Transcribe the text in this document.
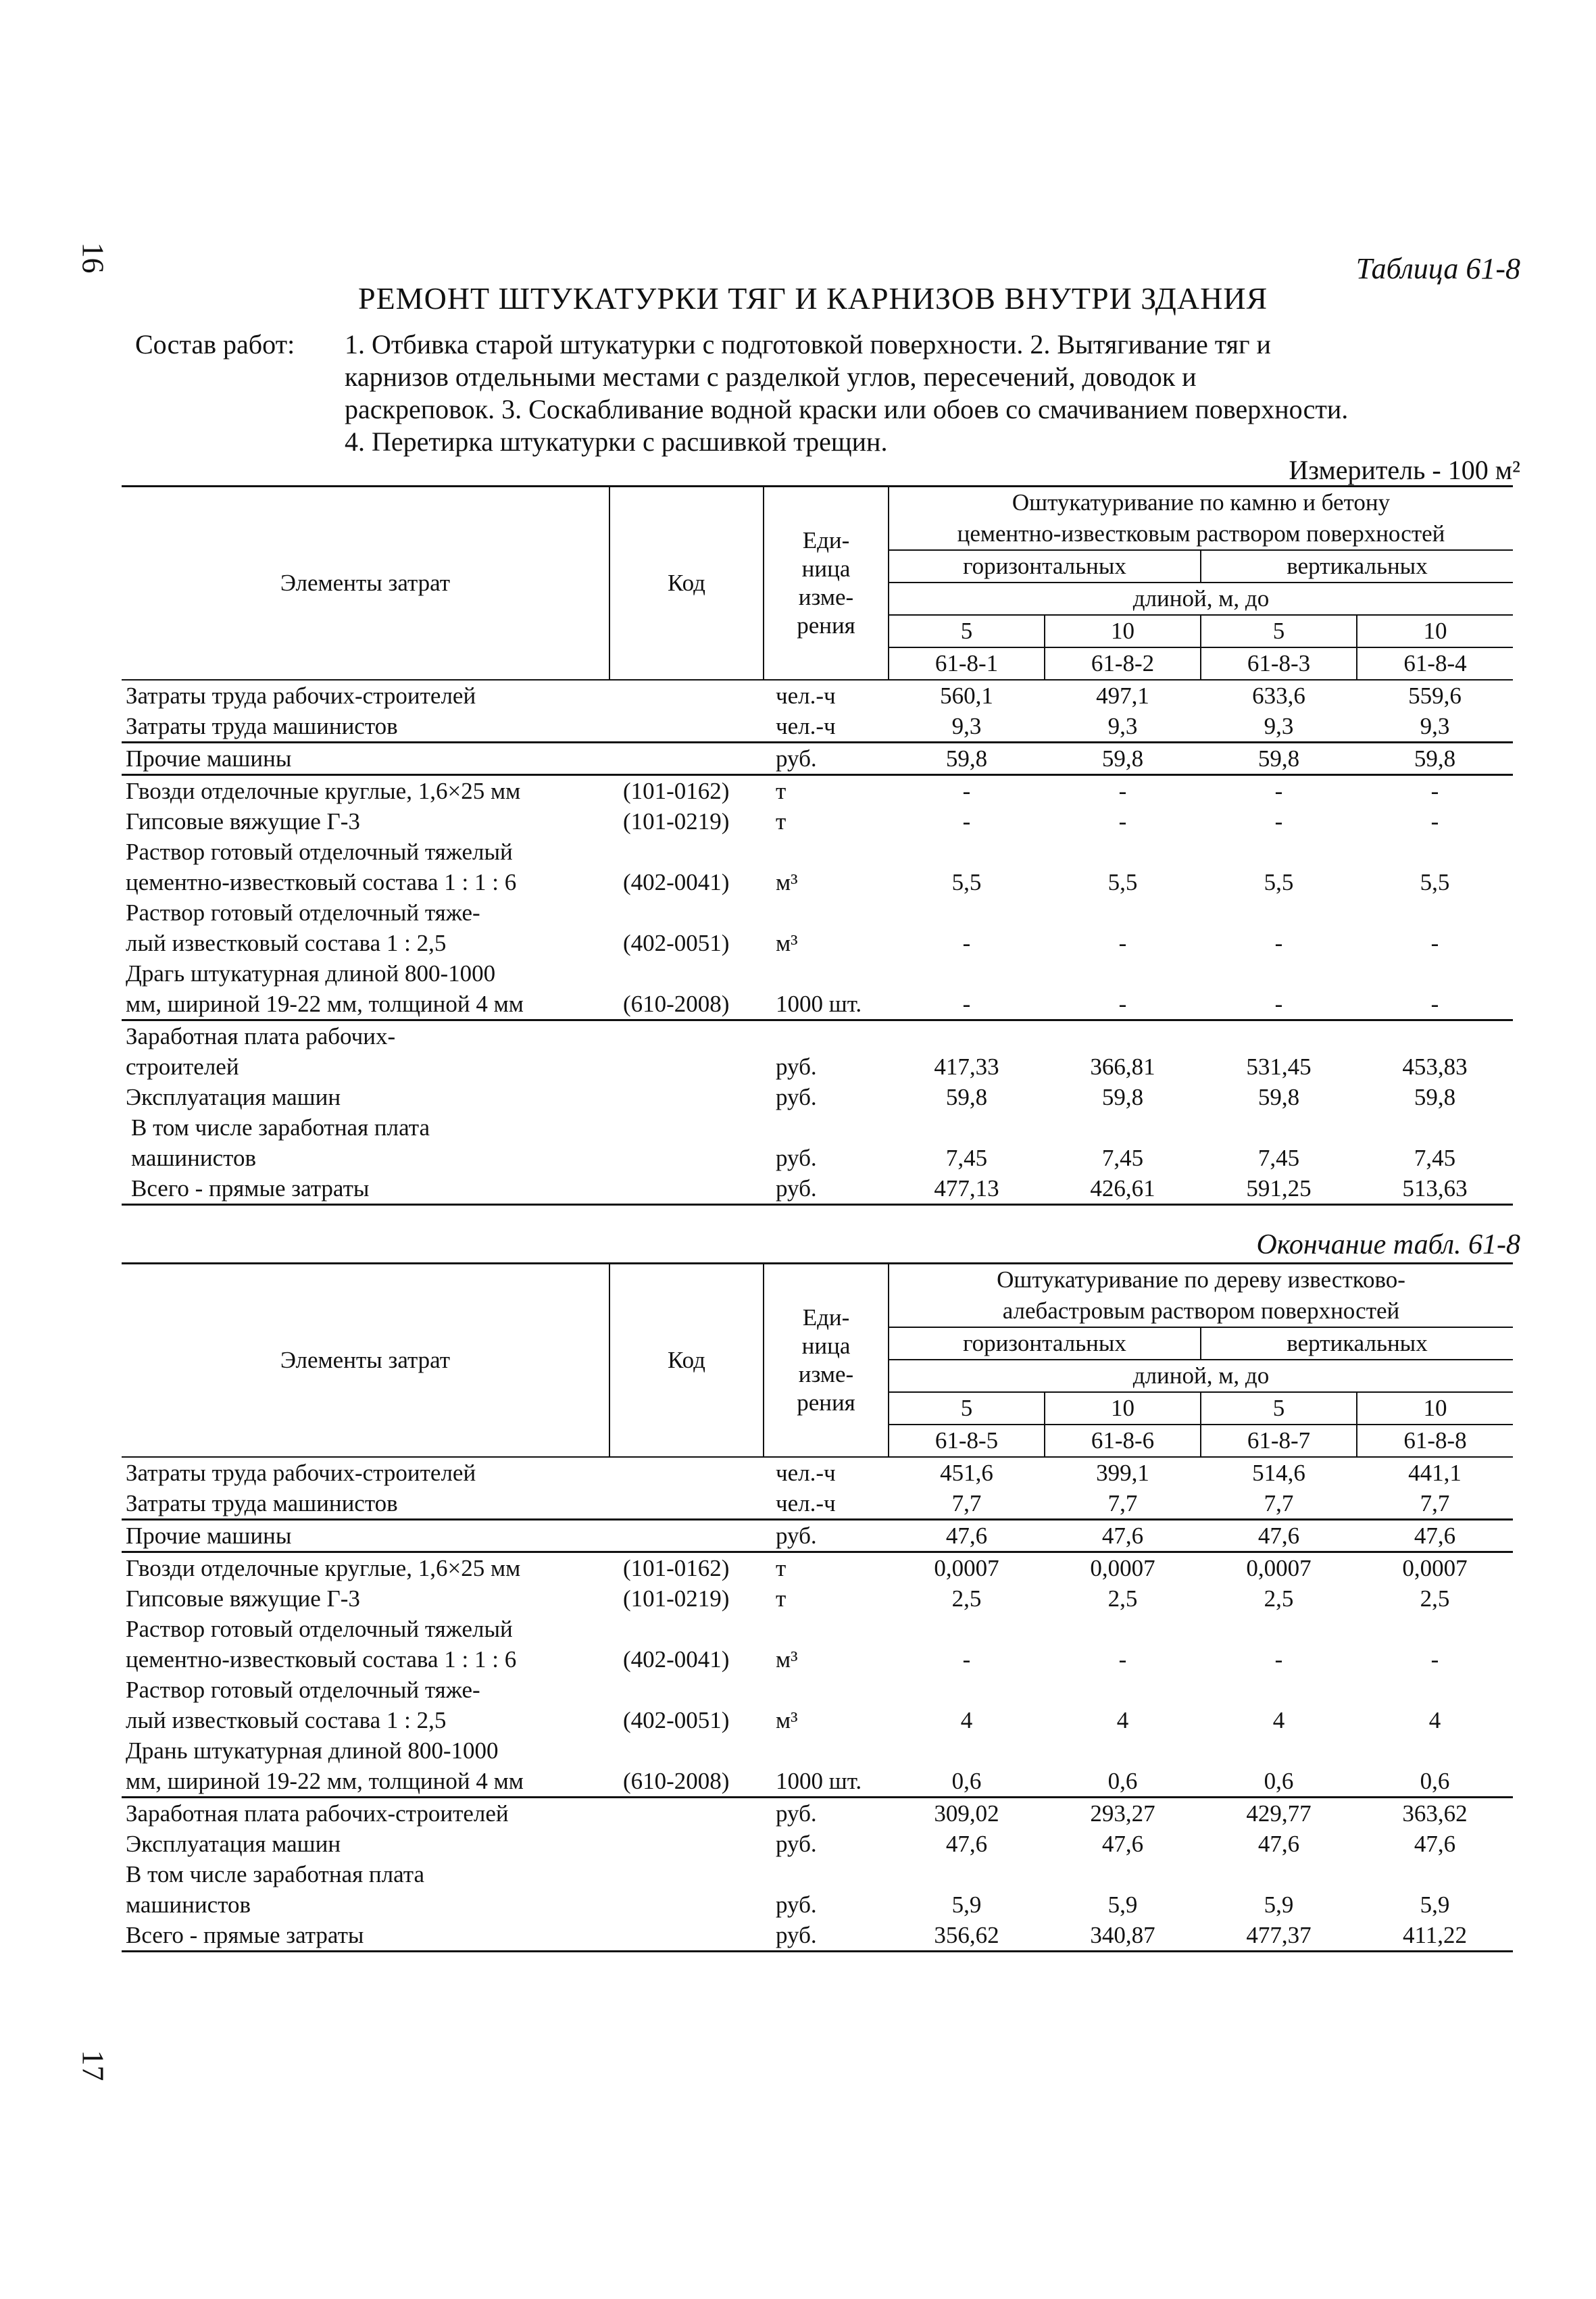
16
17
Таблица 61-8
РЕМОНТ ШТУКАТУРКИ ТЯГ И КАРНИЗОВ ВНУТРИ ЗДАНИЯ
Состав работ: 1. Отбивка старой штукатурки с подготовкой поверхности. 2. Вытягивание тяг и
карнизов отдельными местами с разделкой углов, пересечений, доводок и
раскреповок. 3. Соскабливание водной краски или обоев со смачиванием поверхности.
4. Перетирка штукатурки с расшивкой трещин.
Измеритель - 100 м²
Элементы затрат	Код	Еди-
ница
изме-
рения	Оштукатуривание по камню и бетону			
			цементно-известковым раствором поверхностей			
			горизонтальных		вертикальных	
			длиной, м, до			
			5	10	5	10
			61-8-1	61-8-2	61-8-3	61-8-4
Затраты труда рабочих-строителей		чел.-ч	560,1	497,1	633,6	559,6
Затраты труда машинистов		чел.-ч	9,3	9,3	9,3	9,3
Прочие машины		руб.	59,8	59,8	59,8	59,8
Гвозди отделочные круглые, 1,6×25 мм	(101-0162)	т	-	-	-	-
Гипсовые вяжущие Г-3	(101-0219)	т	-	-	-	-
Раствор готовый отделочный тяжелый						
цементно-известковый состава 1 : 1 : 6	(402-0041)	м³	5,5	5,5	5,5	5,5
Раствор готовый отделочный тяже-						
лый известковый состава 1 : 2,5	(402-0051)	м³	-	-	-	-
Драгь штукатурная длиной 800-1000						
мм, шириной 19-22 мм, толщиной 4 мм	(610-2008)	1000 шт.	-	-	-	-
Заработная плата рабочих-						
строителей		руб.	417,33	366,81	531,45	453,83
Эксплуатация машин		руб.	59,8	59,8	59,8	59,8
В том числе заработная плата						
машинистов		руб.	7,45	7,45	7,45	7,45
Всего - прямые затраты		руб.	477,13	426,61	591,25	513,63
Окончание табл. 61-8
Элементы затрат	Код	Еди-
ница
изме-
рения	Оштукатуривание по дереву известково-			
			алебастровым раствором поверхностей			
			горизонтальных		вертикальных	
			длиной, м, до			
			5	10	5	10
			61-8-5	61-8-6	61-8-7	61-8-8
Затраты труда рабочих-строителей		чел.-ч	451,6	399,1	514,6	441,1
Затраты труда машинистов		чел.-ч	7,7	7,7	7,7	7,7
Прочие машины		руб.	47,6	47,6	47,6	47,6
Гвозди отделочные круглые, 1,6×25 мм	(101-0162)	т	0,0007	0,0007	0,0007	0,0007
Гипсовые вяжущие Г-3	(101-0219)	т	2,5	2,5	2,5	2,5
Раствор готовый отделочный тяжелый						
цементно-известковый состава 1 : 1 : 6	(402-0041)	м³	-	-	-	-
Раствор готовый отделочный тяже-						
лый известковый состава 1 : 2,5	(402-0051)	м³	4	4	4	4
Дрань штукатурная длиной 800-1000						
мм, шириной 19-22 мм, толщиной 4 мм	(610-2008)	1000 шт.	0,6	0,6	0,6	0,6
Заработная плата рабочих-строителей		руб.	309,02	293,27	429,77	363,62
Эксплуатация машин		руб.	47,6	47,6	47,6	47,6
В том числе заработная плата						
машинистов		руб.	5,9	5,9	5,9	5,9
Всего - прямые затраты		руб.	356,62	340,87	477,37	411,22
